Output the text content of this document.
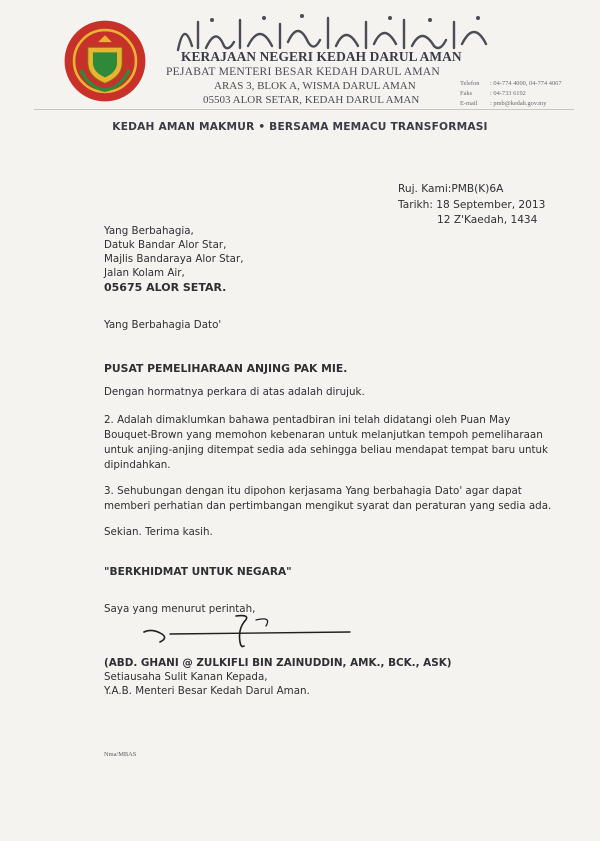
KERAJAAN NEGERI KEDAH DARUL AMAN
PEJABAT MENTERI BESAR KEDAH DARUL AMAN
ARAS 3, BLOK A, WISMA DARUL AMAN
05503 ALOR SETAR, KEDAH DARUL AMAN
Telefon	: 04-774 4000, 04-774 4067
Faks	: 04-733 6192
E-mail	: pmb@kedah.gov.my
KEDAH AMAN MAKMUR • BERSAMA MEMACU TRANSFORMASI
Ruj. Kami:PMB(K)6A
Tarikh: 18 September, 2013
12 Z'Kaedah, 1434
Yang Berbahagia,
Datuk Bandar Alor Star,
Majlis Bandaraya Alor Star,
Jalan Kolam Air,
05675 ALOR SETAR.
Yang Berbahagia Dato'
PUSAT PEMELIHARAAN ANJING PAK MIE.
Dengan hormatnya perkara di atas adalah dirujuk.
2. Adalah dimaklumkan bahawa pentadbiran ini telah didatangi oleh Puan May
Bouquet-Brown yang memohon kebenaran untuk melanjutkan tempoh pemeliharaan
untuk anjing-anjing ditempat sedia ada sehingga beliau mendapat tempat baru untuk
dipindahkan.
3. Sehubungan dengan itu dipohon kerjasama Yang berbahagia Dato' agar dapat
memberi perhatian dan pertimbangan mengikut syarat dan peraturan yang sedia ada.
Sekian. Terima kasih.
"BERKHIDMAT UNTUK NEGARA"
Saya yang menurut perintah,
(ABD. GHANI @ ZULKIFLI BIN ZAINUDDIN, AMK., BCK., ASK)
Setiausaha Sulit Kanan Kepada,
Y.A.B. Menteri Besar Kedah Darul Aman.
Nma/MBAS
